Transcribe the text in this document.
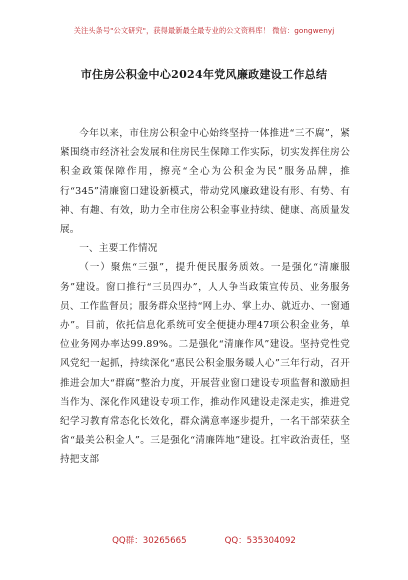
关注头条号"公文研究"，获得最新最全最专业的公文资料库！ 微信：gongwenyj
市住房公积金中心2024年党风廉政建设工作总结

今年以来，市住房公积金中心始终坚持一体推进“三不腐”，紧紧围绕市经济社会发展和住房民生保障工作实际，切实发挥住房公积金政策保障作用，擦亮“全心为公积金为民”服务品牌，推行“345”清廉窗口建设新模式，带动党风廉政建设有形、有势、有神、有趣、有效，助力全市住房公积金事业持续、健康、高质量发展。

一、主要工作情况

（一）聚焦“三强”，提升便民服务质效。一是强化“清廉服务”建设。窗口推行“三员四办”，人人争当政策宣传员、业务服务员、工作监督员；服务群众坚持“网上办、掌上办、就近办、一窗通办”。目前，依托信息化系统可安全便捷办理47项公积金业务，单位业务网办率达99.89%。二是强化“清廉作风”建设。坚持党性党风党纪一起抓，持续深化“惠民公积金服务暖人心”三年行动，召开推进会加大“群腐”整治力度，开展营业窗口建设专项监督和激励担当作为、深化作风建设专项工作，推动作风建设走深走实，推进党纪学习教育常态化长效化，群众满意率逐步提升，一名干部荣获全省“最美公积金人”。三是强化“清廉阵地”建设。扛牢政治责任，坚持把支部

QQ群：30265665	QQ：535304092
